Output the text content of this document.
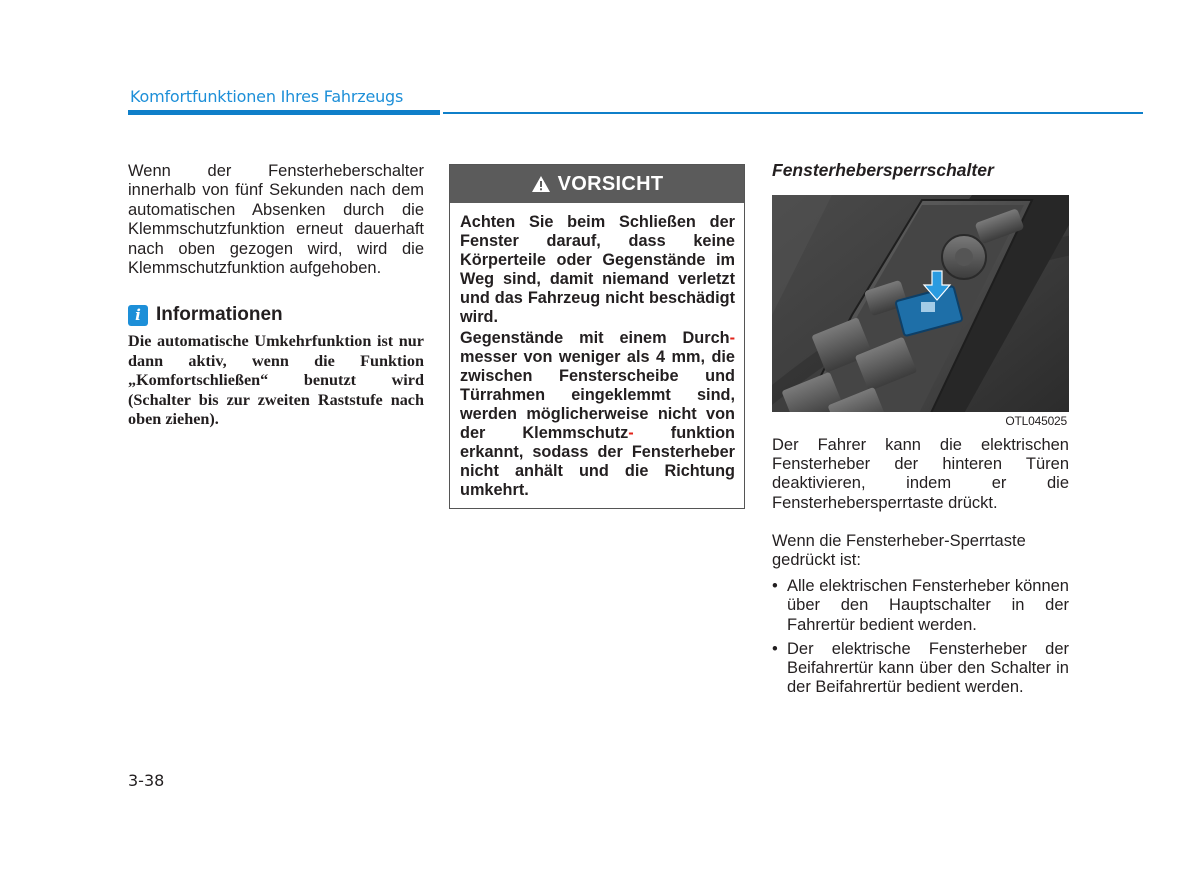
Komfortfunktionen Ihres Fahrzeugs

Wenn der Fensterheberschalter innerhalb von fünf Sekunden nach dem automatischen Absenken durch die Klemmschutzfunktion erneut dauerhaft nach oben gezogen wird, wird die Klemmschutzfunktion aufgehoben.

i Informationen

Die automatische Umkehrfunktion ist nur dann aktiv, wenn die Funktion „Komfortschließen“ benutzt wird (Schalter bis zur zweiten Raststufe nach oben ziehen).

VORSICHT

Achten Sie beim Schließen der Fenster darauf, dass keine Körperteile oder Gegenstände im Weg sind, damit niemand verletzt und das Fahrzeug nicht beschädigt wird.

Gegenstände mit einem Durch- messer von weniger als 4 mm, die zwischen Fensterscheibe und Türrahmen eingeklemmt sind, werden möglicherweise nicht von der Klemmschutz- funktion erkannt, sodass der Fensterheber nicht anhält und die Richtung umkehrt.

Fensterhebersperrschalter

OTL045025

Der Fahrer kann die elektrischen Fensterheber der hinteren Türen deaktivieren, indem er die Fensterhebersperrtaste drückt.

Wenn die Fensterheber-Sperrtaste gedrückt ist:

• Alle elektrischen Fensterheber können über den Hauptschalter in der Fahrertür bedient werden.
• Der elektrische Fensterheber der Beifahrertür kann über den Schalter in der Beifahrertür bedient werden.
3-38
